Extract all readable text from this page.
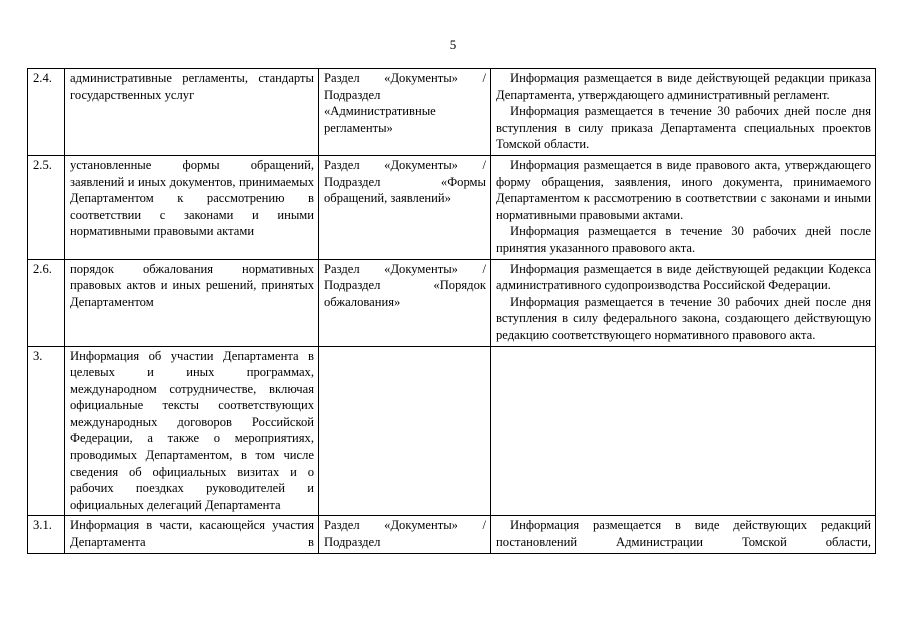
5
2.4.	административные регламенты, стандарты государственных услуг	Раздел «Документы» / Подраздел «Административные регламенты»	Информация размещается в виде действующей редакции приказа Департамента, утверждающего административный регламент.

Информация размещается в течение 30 рабочих дней после дня вступления в силу приказа Департамента специальных проектов Томской области.

2.5.	установленные формы обращений, заявлений и иных документов, принимаемых Департаментом к рассмотрению в соответствии с законами и иными нормативными правовыми актами	Раздел «Документы» / Подраздел «Формы обращений, заявлений»	Информация размещается в виде правового акта, утверждающего форму обращения, заявления, иного документа, принимаемого Департаментом к рассмотрению в соответствии с законами и иными нормативными правовыми актами.

Информация размещается в течение 30 рабочих дней после принятия указанного правового акта.

2.6.	порядок обжалования нормативных правовых актов и иных решений, принятых Департаментом	Раздел «Документы» / Подраздел «Порядок обжалования»	Информация размещается в виде действующей редакции Кодекса административного судопроизводства Российской Федерации.

Информация размещается в течение 30 рабочих дней после дня вступления в силу федерального закона, создающего действующую редакцию соответствующего нормативного правового акта.

3.	Информация об участии Департамента в целевых и иных программах, международном сотрудничестве, включая официальные тексты соответствующих международных договоров Российской Федерации, а также о мероприятиях, проводимых Департаментом, в том числе сведения об официальных визитах и о рабочих поездках руководителей и официальных делегаций Департамента		
3.1.	Информация в части, касающейся участия Департамента в	Раздел «Документы» / Подраздел	Информация размещается в виде действующих редакций постановлений Администрации Томской области,
